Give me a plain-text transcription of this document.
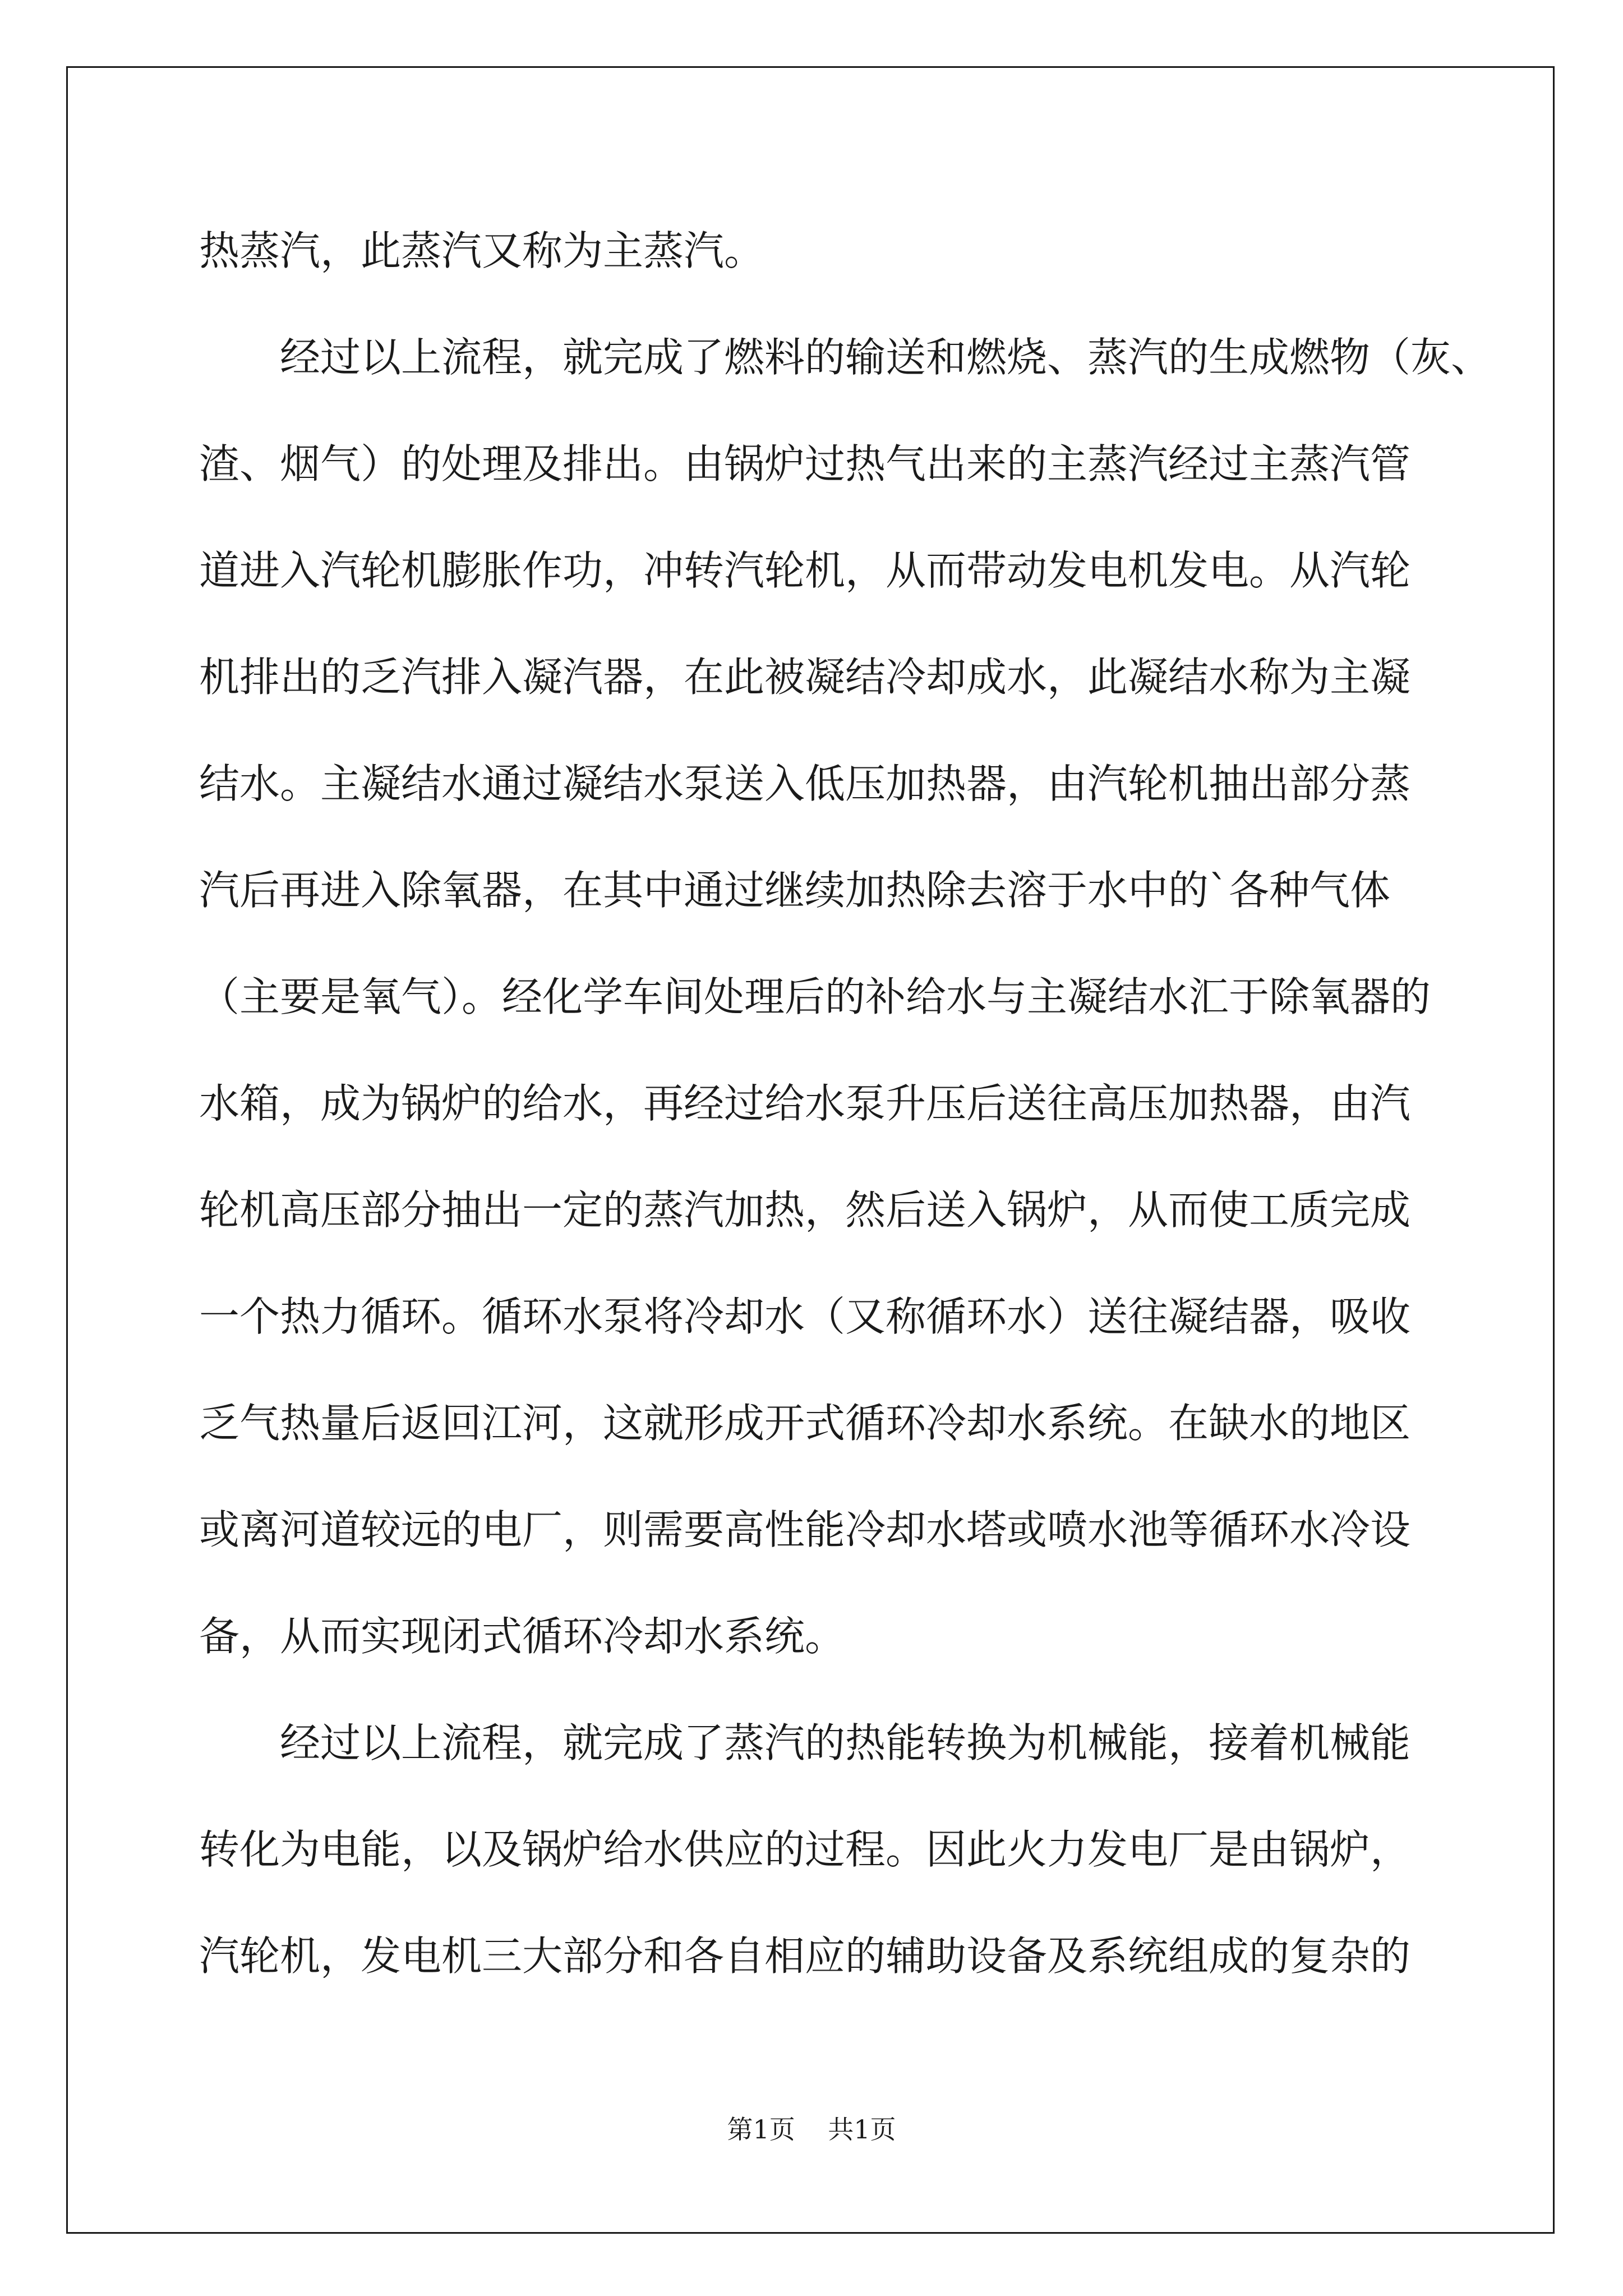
热蒸汽，此蒸汽又称为主蒸汽。
经过以上流程，就完成了燃料的输送和燃烧、蒸汽的生成燃物（灰、
渣、烟气）的处理及排出。由锅炉过热气出来的主蒸汽经过主蒸汽管
道进入汽轮机膨胀作功，冲转汽轮机，从而带动发电机发电。从汽轮
机排出的乏汽排入凝汽器，在此被凝结冷却成水，此凝结水称为主凝
结水。主凝结水通过凝结水泵送入低压加热器，由汽轮机抽出部分蒸
汽后再进入除氧器，在其中通过继续加热除去溶于水中的`各种气体
（主要是氧气）。经化学车间处理后的补给水与主凝结水汇于除氧器的
水箱，成为锅炉的给水，再经过给水泵升压后送往高压加热器，由汽
轮机高压部分抽出一定的蒸汽加热，然后送入锅炉，从而使工质完成
一个热力循环。循环水泵将冷却水（又称循环水）送往凝结器，吸收
乏气热量后返回江河，这就形成开式循环冷却水系统。在缺水的地区
或离河道较远的电厂，则需要高性能冷却水塔或喷水池等循环水冷设
备，从而实现闭式循环冷却水系统。
经过以上流程，就完成了蒸汽的热能转换为机械能，接着机械能
转化为电能，以及锅炉给水供应的过程。因此火力发电厂是由锅炉，
汽轮机，发电机三大部分和各自相应的辅助设备及系统组成的复杂的
第1页 共1页
